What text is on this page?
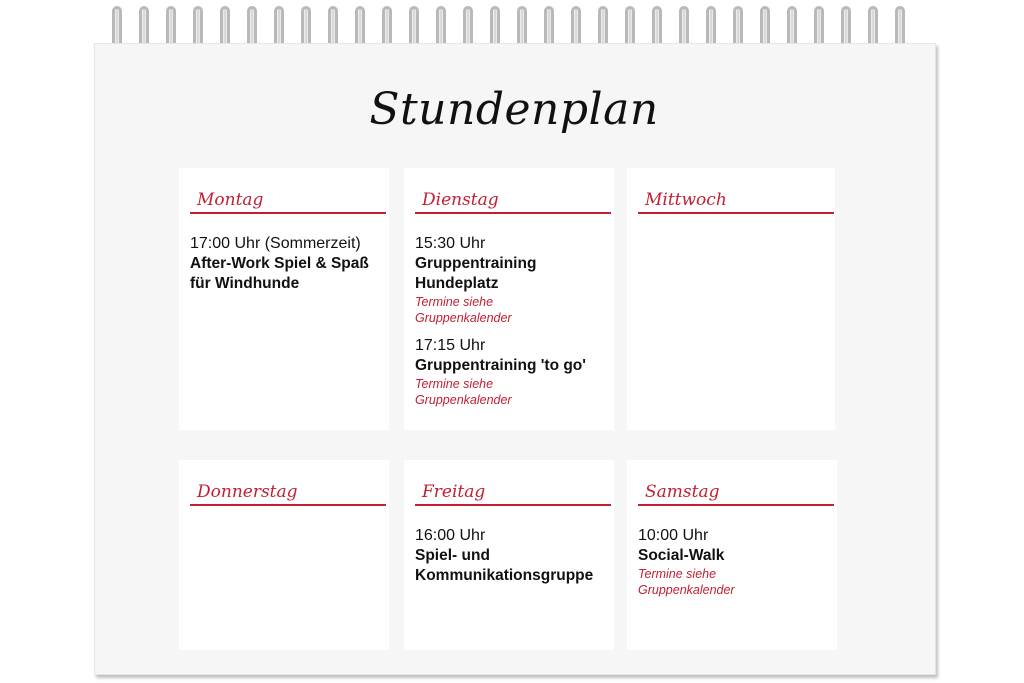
Stundenplan
Montag
17:00 Uhr (Sommerzeit)
After-Work Spiel & Spaß
für Windhunde
Dienstag
15:30 Uhr
Gruppentraining
Hundeplatz
Termine siehe
Gruppenkalender
17:15 Uhr
Gruppentraining 'to go'
Termine siehe
Gruppenkalender
Mittwoch
Donnerstag	Freitag
16:00 Uhr
Spiel- und
Kommunikationsgruppe
Samstag
10:00 Uhr
Social-Walk
Termine siehe
Gruppenkalender
